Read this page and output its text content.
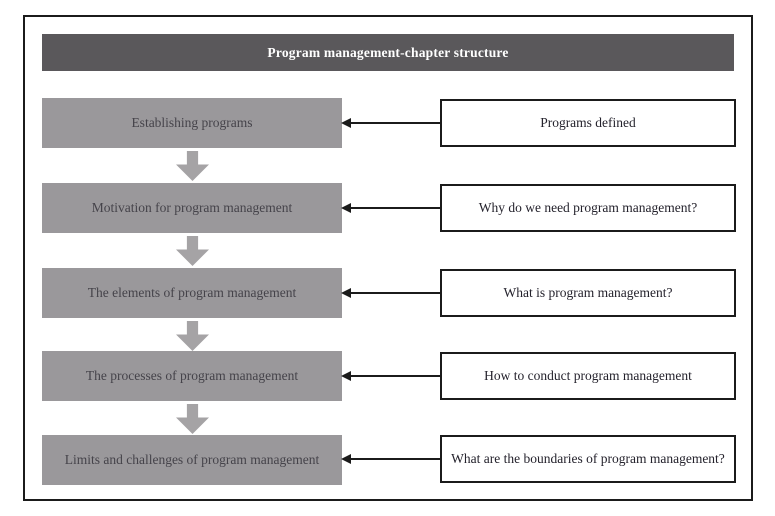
Program management-chapter structure
Establishing programs	Programs defined
Motivation for program management	Why do we need program management?
The elements of program management	What is program management?
The processes of program management	How to conduct program management
Limits and challenges of program management	What are the boundaries of program management?
